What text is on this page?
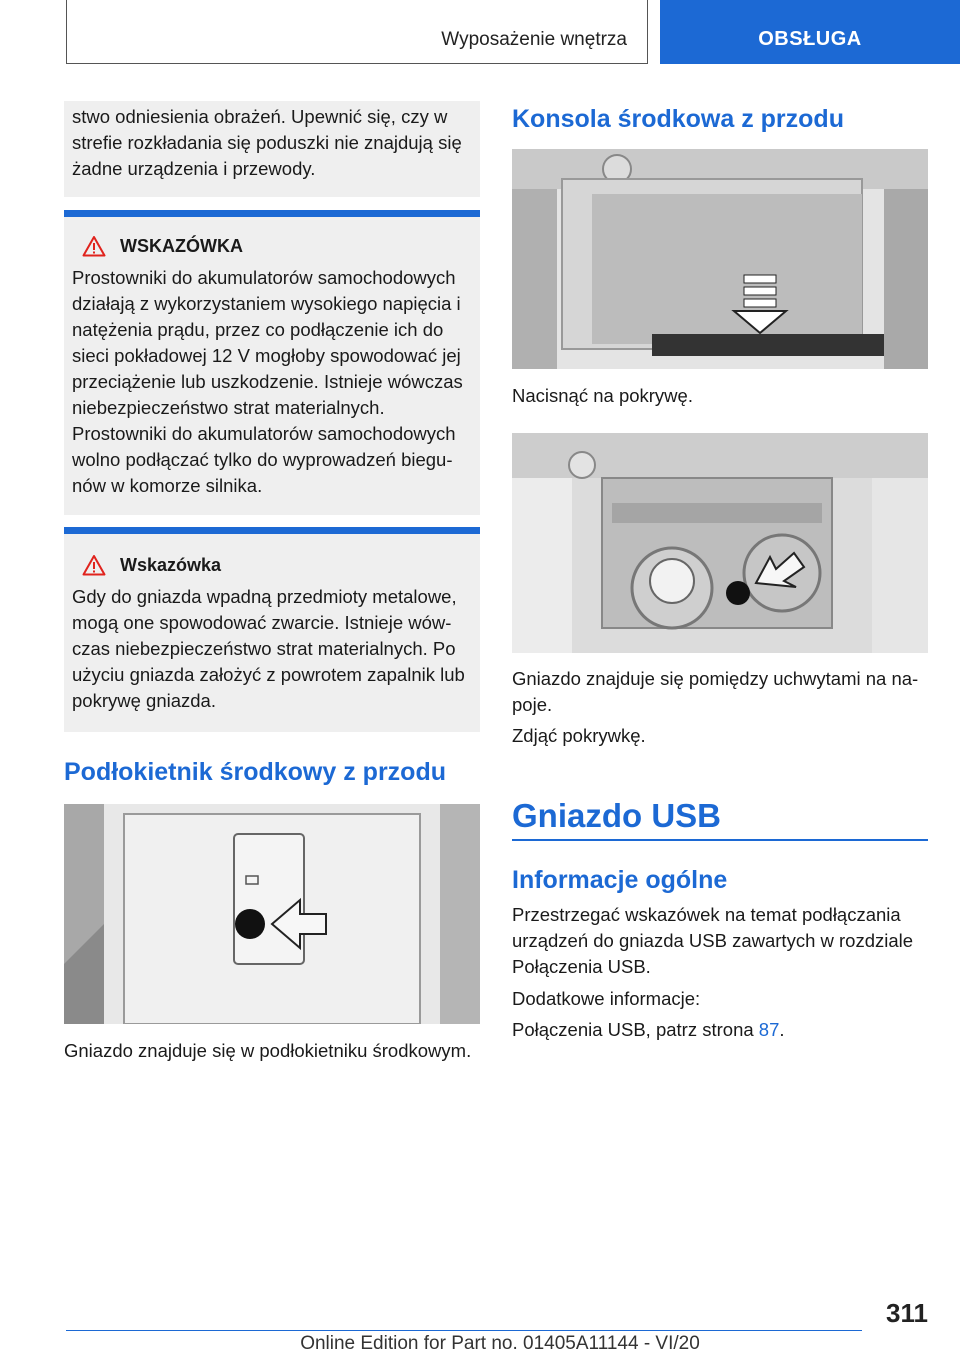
Wyposażenie wnętrza	OBSŁUGA

stwo odniesienia obrażeń. Upewnić się, czy w strefie rozkładania się poduszki nie znajdują się żadne urządzenia i przewody.

WSKAZÓWKA

Prostowniki do akumulatorów samochodowych działają z wykorzystaniem wysokiego napięcia i natężenia prądu, przez co podłączenie ich do sieci pokładowej 12 V mogłoby spowodować jej przeciążenie lub uszkodzenie. Istnieje wówczas niebezpieczeństwo strat materialnych. Prostowniki do akumulatorów samochodowych wolno podłączać tylko do wyprowadzeń biegunów w komorze silnika.

Wskazówka

Gdy do gniazda wpadną przedmioty metalowe, mogą one spowodować zwarcie. Istnieje wówczas niebezpieczeństwo strat materialnych. Po użyciu gniazda założyć z powrotem zapalnik lub pokrywę gniazda.

Podłokietnik środkowy z przodu

Gniazdo znajduje się w podłokietniku środkowym.

Konsola środkowa z przodu

Nacisnąć na pokrywę.

Gniazdo znajduje się pomiędzy uchwytami na napoje.

Zdjąć pokrywkę.

Gniazdo USB
Informacje ogólne

Przestrzegać wskazówek na temat podłączania urządzeń do gniazda USB zawartych w rozdziale Połączenia USB.

Dodatkowe informacje:

Połączenia USB, patrz strona 87.

311
Online Edition for Part no. 01405A11144 - VI/20
